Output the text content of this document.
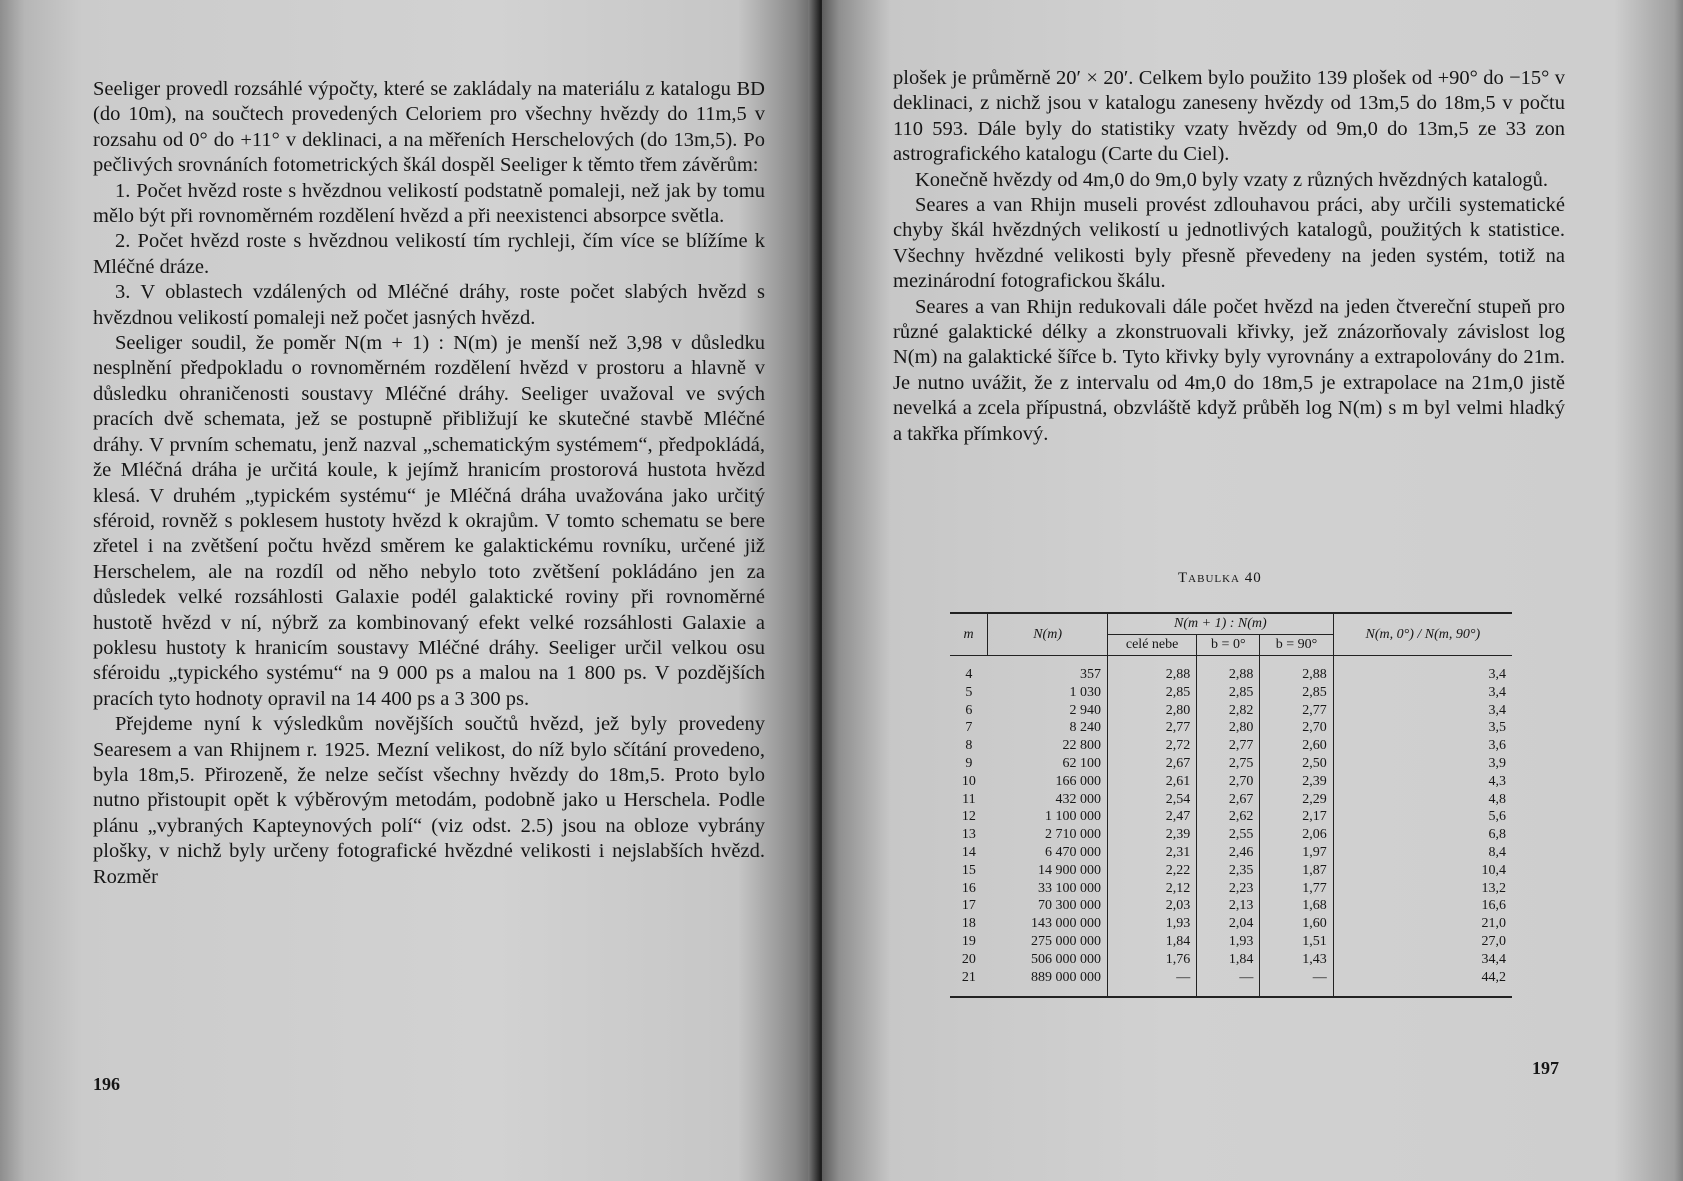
Seeliger provedl rozsáhlé výpočty, které se zakládaly na materiálu z katalogu BD (do 10m), na součtech provedených Celoriem pro všechny hvězdy do 11m,5 v rozsahu od 0° do +11° v deklinaci, a na měřeních Herschelových (do 13m,5). Po pečlivých srovnáních fotometrických škál dospěl Seeliger k těmto třem závěrům:

1. Počet hvězd roste s hvězdnou velikostí podstatně pomaleji, než jak by tomu mělo být při rovnoměrném rozdělení hvězd a při neexistenci absorpce světla.

2. Počet hvězd roste s hvězdnou velikostí tím rychleji, čím více se blížíme k Mléčné dráze.

3. V oblastech vzdálených od Mléčné dráhy, roste počet slabých hvězd s hvězdnou velikostí pomaleji než počet jasných hvězd.

Seeliger soudil, že poměr N(m + 1) : N(m) je menší než 3,98 v důsledku nesplnění předpokladu o rovnoměrném rozdělení hvězd v prostoru a hlavně v důsledku ohraničenosti soustavy Mléčné dráhy. Seeliger uvažoval ve svých pracích dvě schemata, jež se postupně přibližují ke skutečné stavbě Mléčné dráhy. V prvním schematu, jenž nazval „schematickým systémem“, předpokládá, že Mléčná dráha je určitá koule, k jejímž hranicím prostorová hustota hvězd klesá. V druhém „typickém systému“ je Mléčná dráha uvažována jako určitý sféroid, rovněž s poklesem hustoty hvězd k okrajům. V tomto schematu se bere zřetel i na zvětšení počtu hvězd směrem ke galaktickému rovníku, určené již Herschelem, ale na rozdíl od něho nebylo toto zvětšení pokládáno jen za důsledek velké rozsáhlosti Galaxie podél galaktické roviny při rovnoměrné hustotě hvězd v ní, nýbrž za kombinovaný efekt velké rozsáhlosti Galaxie a poklesu hustoty k hranicím soustavy Mléčné dráhy. Seeliger určil velkou osu sféroidu „typického systému“ na 9 000 ps a malou na 1 800 ps. V pozdějších pracích tyto hodnoty opravil na 14 400 ps a 3 300 ps.

Přejdeme nyní k výsledkům novějších součtů hvězd, jež byly provedeny Searesem a van Rhijnem r. 1925. Mezní velikost, do níž bylo sčítání provedeno, byla 18m,5. Přirozeně, že nelze sečíst všechny hvězdy do 18m,5. Proto bylo nutno přistoupit opět k výběrovým metodám, podobně jako u Herschela. Podle plánu „vybraných Kapteynových polí“ (viz odst. 2.5) jsou na obloze vybrány plošky, v nichž byly určeny fotografické hvězdné velikosti i nejslabších hvězd. Rozměr

196

plošek je průměrně 20′ × 20′. Celkem bylo použito 139 plošek od +90° do −15° v deklinaci, z nichž jsou v katalogu zaneseny hvězdy od 13m,5 do 18m,5 v počtu 110 593. Dále byly do statistiky vzaty hvězdy od 9m,0 do 13m,5 ze 33 zon astrografického katalogu (Carte du Ciel).

Konečně hvězdy od 4m,0 do 9m,0 byly vzaty z různých hvězdných katalogů.

Seares a van Rhijn museli provést zdlouhavou práci, aby určili systematické chyby škál hvězdných velikostí u jednotlivých katalogů, použitých k statistice. Všechny hvězdné velikosti byly přesně převedeny na jeden systém, totiž na mezinárodní fotografickou škálu.

Seares a van Rhijn redukovali dále počet hvězd na jeden čtvereční stupeň pro různé galaktické délky a zkonstruovali křivky, jež znázorňovaly závislost log N(m) na galaktické šířce b. Tyto křivky byly vyrovnány a extrapolovány do 21m. Je nutno uvážit, že z intervalu od 4m,0 do 18m,5 je extrapolace na 21m,0 jistě nevelká a zcela přípustná, obzvláště když průběh log N(m) s m byl velmi hladký a takřka přímkový.

Tabulka 40
m	N(m)	N(m + 1) : N(m)			N(m, 0°) / N(m, 90°)
		celé nebe	b = 0°	b = 90°	
4	357	2,88	2,88	2,88	3,4
5	1 030	2,85	2,85	2,85	3,4
6	2 940	2,80	2,82	2,77	3,4
7	8 240	2,77	2,80	2,70	3,5
8	22 800	2,72	2,77	2,60	3,6
9	62 100	2,67	2,75	2,50	3,9
10	166 000	2,61	2,70	2,39	4,3
11	432 000	2,54	2,67	2,29	4,8
12	1 100 000	2,47	2,62	2,17	5,6
13	2 710 000	2,39	2,55	2,06	6,8
14	6 470 000	2,31	2,46	1,97	8,4
15	14 900 000	2,22	2,35	1,87	10,4
16	33 100 000	2,12	2,23	1,77	13,2
17	70 300 000	2,03	2,13	1,68	16,6
18	143 000 000	1,93	2,04	1,60	21,0
19	275 000 000	1,84	1,93	1,51	27,0
20	506 000 000	1,76	1,84	1,43	34,4
21	889 000 000	—	—	—	44,2
197
